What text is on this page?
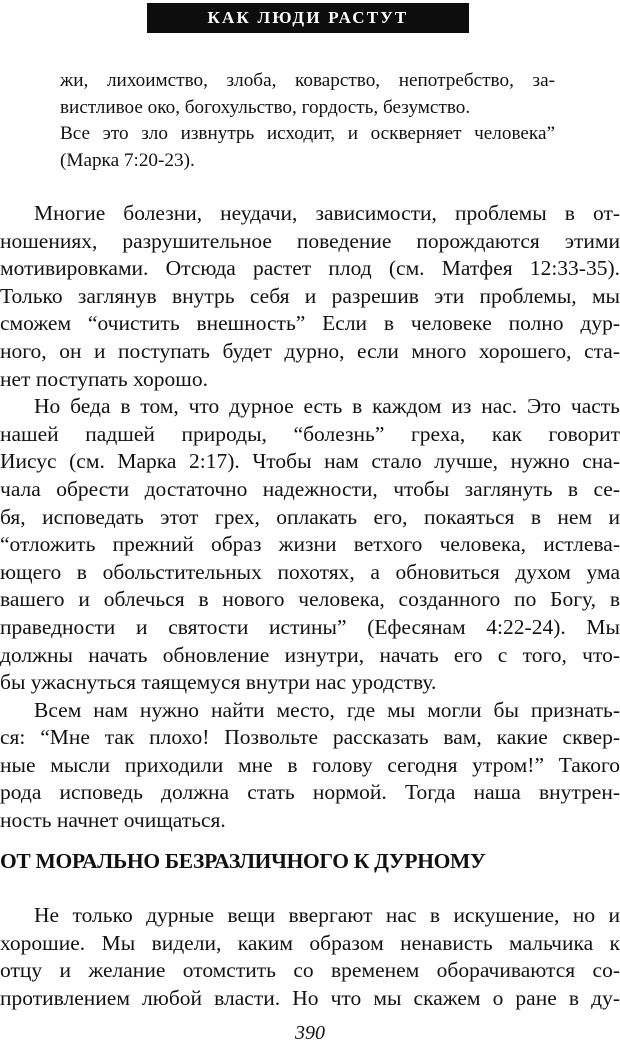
КАК ЛЮДИ РАСТУТ
жи, лихоимство, злоба, коварство, непотребство, за-
вистливое око, богохульство, гордость, безумство.
Все это зло извнутрь исходит, и оскверняет человека”
(Марка 7:20-23).
Многие болезни, неудачи, зависимости, проблемы в от-
ношениях, разрушительное поведение порождаются этими
мотивировками. Отсюда растет плод (см. Матфея 12:33-35).
Только заглянув внутрь себя и разрешив эти проблемы, мы
сможем “очистить внешность” Если в человеке полно дур-
ного, он и поступать будет дурно, если много хорошего, ста-
нет поступать хорошо.
Но беда в том, что дурное есть в каждом из нас. Это часть
нашей падшей природы, “болезнь” греха, как говорит
Иисус (см. Марка 2:17). Чтобы нам стало лучше, нужно сна-
чала обрести достаточно надежности, чтобы заглянуть в се-
бя, исповедать этот грех, оплакать его, покаяться в нем и
“отложить прежний образ жизни ветхого человека, истлева-
ющего в обольстительных похотях, а обновиться духом ума
вашего и облечься в нового человека, созданного по Богу, в
праведности и святости истины” (Ефесянам 4:22-24). Мы
должны начать обновление изнутри, начать его с того, что-
бы ужаснуться таящемуся внутри нас уродству.
Всем нам нужно найти место, где мы могли бы признать-
ся: “Мне так плохо! Позвольте рассказать вам, какие сквер-
ные мысли приходили мне в голову сегодня утром!” Такого
рода исповедь должна стать нормой. Тогда наша внутрен-
ность начнет очищаться.
ОТ МОРАЛЬНО БЕЗРАЗЛИЧНОГО К ДУРНОМУ
Не только дурные вещи ввергают нас в искушение, но и
хорошие. Мы видели, каким образом ненависть мальчика к
отцу и желание отомстить со временем оборачиваются со-
противлением любой власти. Но что мы скажем о ране в ду-
390
